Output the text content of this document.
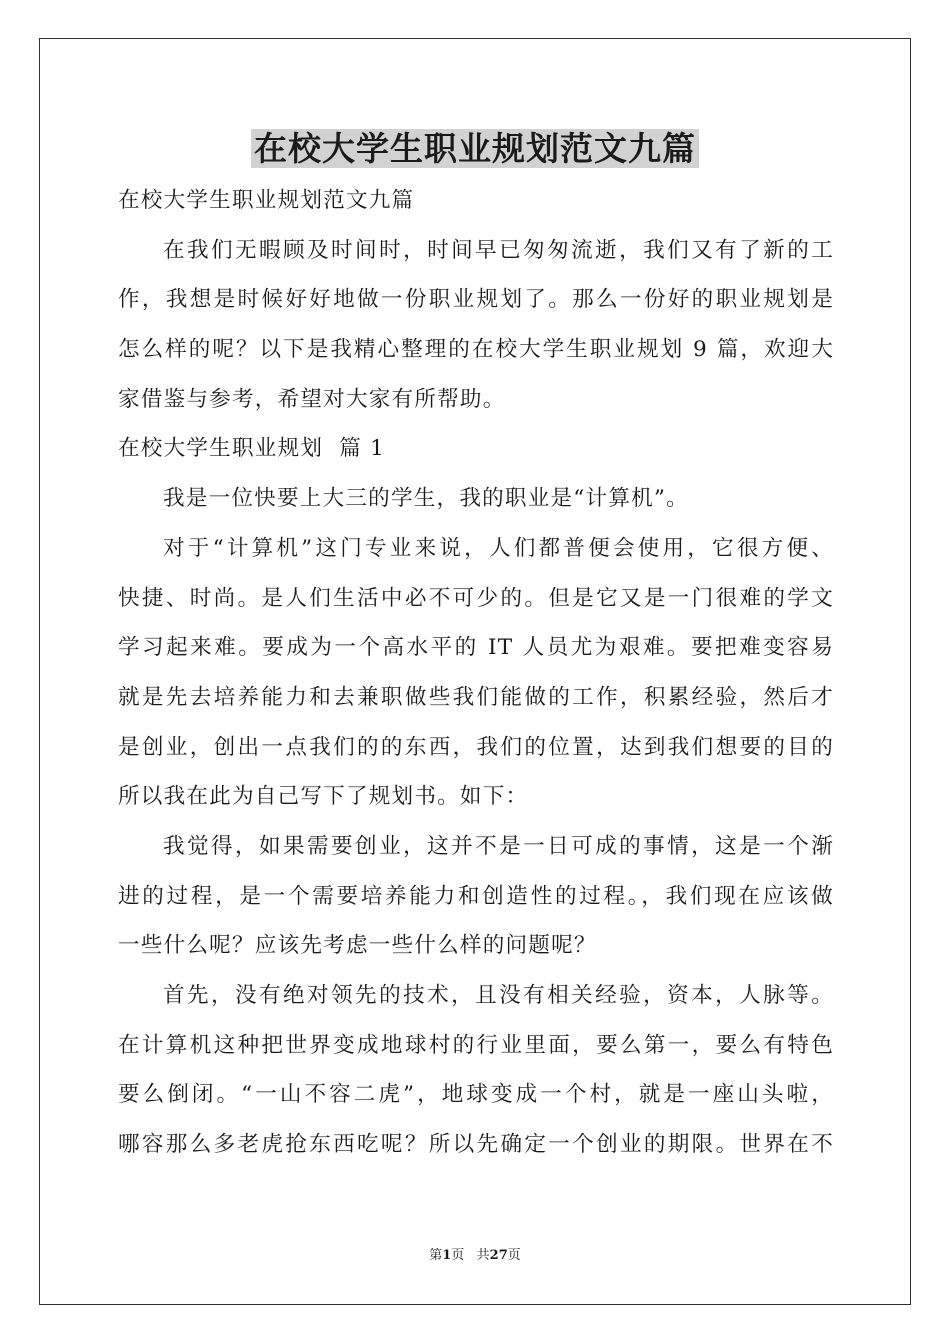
在校大学生职业规划范文九篇
在校大学生职业规划范文九篇
在我们无暇顾及时间时，时间早已匆匆流逝，我们又有了新的工
作，我想是时候好好地做一份职业规划了。那么一份好的职业规划是
怎么样的呢？以下是我精心整理的在校大学生职业规划 9 篇，欢迎大
家借鉴与参考，希望对大家有所帮助。
在校大学生职业规划  篇 1
我是一位快要上大三的学生，我的职业是“计算机”。
对于“计算机”这门专业来说，人们都普便会使用，它很方便、
快捷、时尚。是人们生活中必不可少的。但是它又是一门很难的学文
学习起来难。要成为一个高水平的 IT 人员尤为艰难。要把难变容易
就是先去培养能力和去兼职做些我们能做的工作，积累经验，然后才
是创业，创出一点我们的的东西，我们的位置，达到我们想要的目的
所以我在此为自己写下了规划书。如下：
我觉得，如果需要创业，这并不是一日可成的事情，这是一个渐
进的过程，是一个需要培养能力和创造性的过程。，我们现在应该做
一些什么呢？应该先考虑一些什么样的问题呢？
首先，没有绝对领先的技术，且没有相关经验，资本，人脉等。
在计算机这种把世界变成地球村的行业里面，要么第一，要么有特色
要么倒闭。“一山不容二虎”，地球变成一个村，就是一座山头啦，
哪容那么多老虎抢东西吃呢？所以先确定一个创业的期限。世界在不
第1页   共27页
